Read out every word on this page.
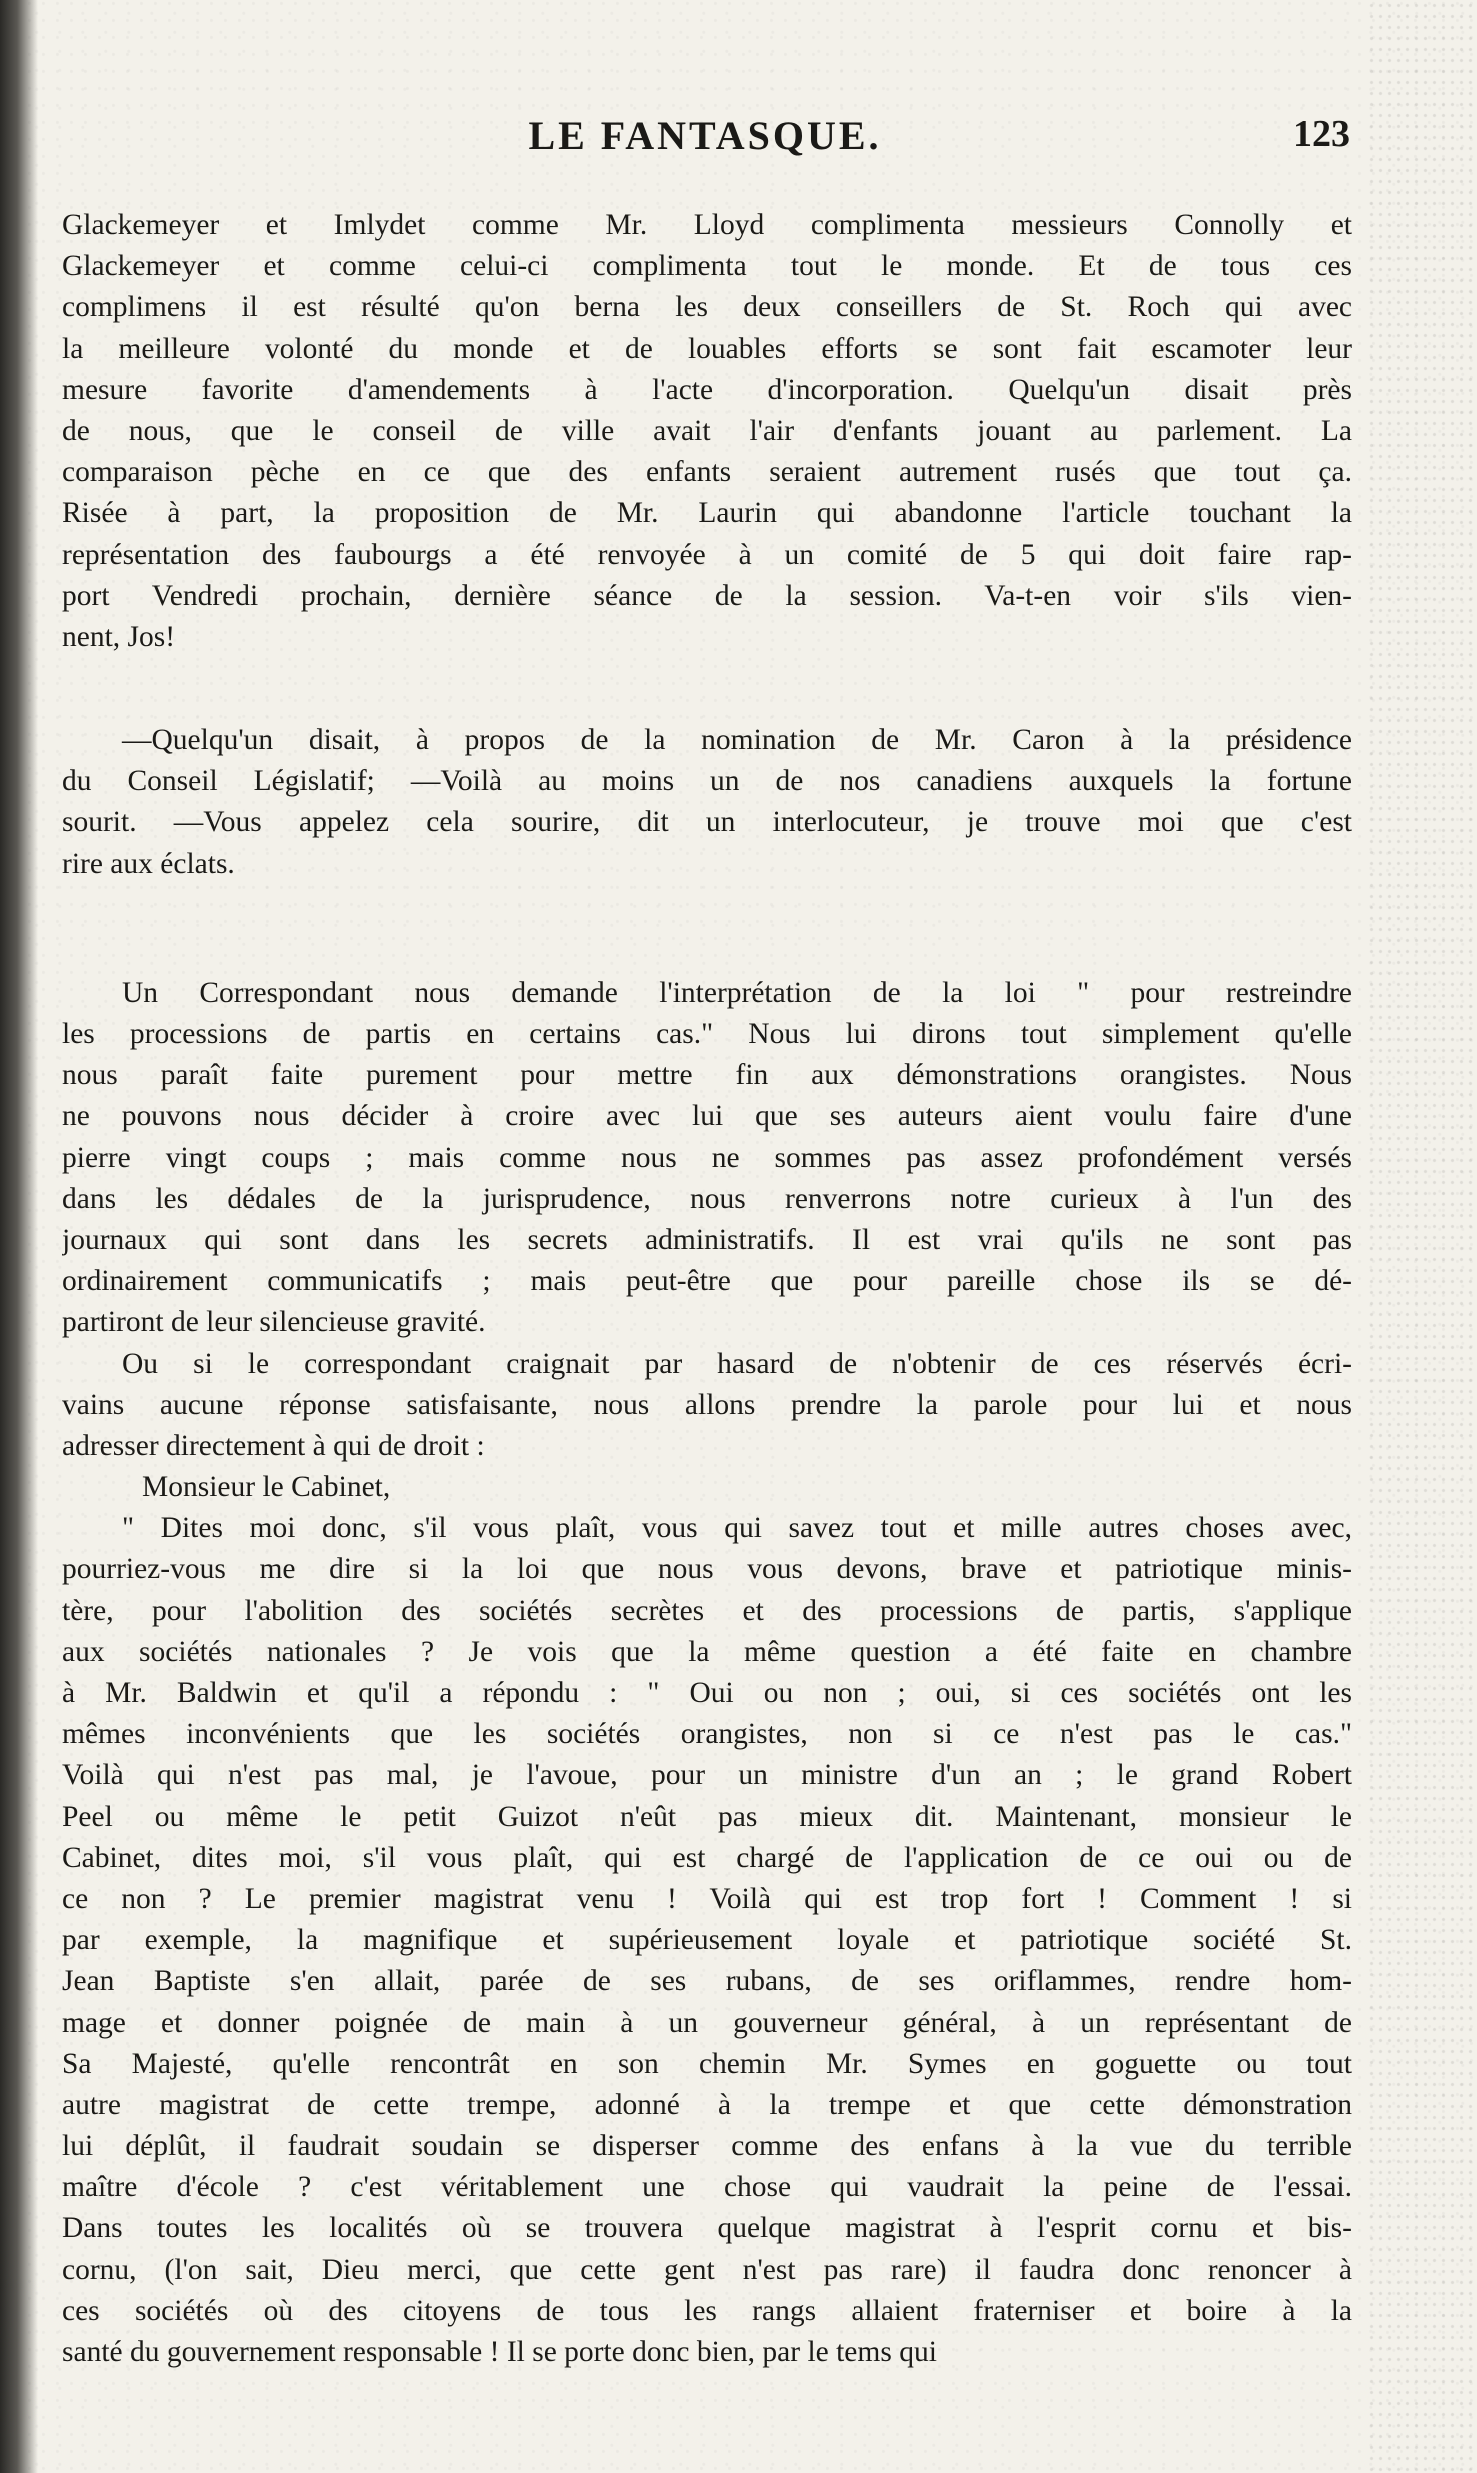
LE FANTASQUE.	123
Glackemeyer et Imlydet comme Mr. Lloyd complimenta messieurs Connolly et
Glackemeyer et comme celui-ci complimenta tout le monde. Et de tous ces
complimens il est résulté qu'on berna les deux conseillers de St. Roch qui avec
la meilleure volonté du monde et de louables efforts se sont fait escamoter leur
mesure favorite d'amendements à l'acte d'incorporation. Quelqu'un disait près
de nous, que le conseil de ville avait l'air d'enfants jouant au parlement. La
comparaison pèche en ce que des enfants seraient autrement rusés que tout ça.
Risée à part, la proposition de Mr. Laurin qui abandonne l'article touchant la
représentation des faubourgs a été renvoyée à un comité de 5 qui doit faire rap-
port Vendredi prochain, dernière séance de la session. Va-t-en voir s'ils vien-
nent, Jos!
—Quelqu'un disait, à propos de la nomination de Mr. Caron à la présidence
du Conseil Législatif; —Voilà au moins un de nos canadiens auxquels la fortune
sourit. —Vous appelez cela sourire, dit un interlocuteur, je trouve moi que c'est
rire aux éclats.
Un Correspondant nous demande l'interprétation de la loi " pour restreindre
les processions de partis en certains cas." Nous lui dirons tout simplement qu'elle
nous paraît faite purement pour mettre fin aux démonstrations orangistes. Nous
ne pouvons nous décider à croire avec lui que ses auteurs aient voulu faire d'une
pierre vingt coups ; mais comme nous ne sommes pas assez profondément versés
dans les dédales de la jurisprudence, nous renverrons notre curieux à l'un des
journaux qui sont dans les secrets administratifs. Il est vrai qu'ils ne sont pas
ordinairement communicatifs ; mais peut-être que pour pareille chose ils se dé-
partiront de leur silencieuse gravité.
Ou si le correspondant craignait par hasard de n'obtenir de ces réservés écri-
vains aucune réponse satisfaisante, nous allons prendre la parole pour lui et nous
adresser directement à qui de droit :
Monsieur le Cabinet,
" Dites moi donc, s'il vous plaît, vous qui savez tout et mille autres choses avec,
pourriez-vous me dire si la loi que nous vous devons, brave et patriotique minis-
tère, pour l'abolition des sociétés secrètes et des processions de partis, s'applique
aux sociétés nationales ? Je vois que la même question a été faite en chambre
à Mr. Baldwin et qu'il a répondu : " Oui ou non ; oui, si ces sociétés ont les
mêmes inconvénients que les sociétés orangistes, non si ce n'est pas le cas."
Voilà qui n'est pas mal, je l'avoue, pour un ministre d'un an ; le grand Robert
Peel ou même le petit Guizot n'eût pas mieux dit. Maintenant, monsieur le
Cabinet, dites moi, s'il vous plaît, qui est chargé de l'application de ce oui ou de
ce non ? Le premier magistrat venu ! Voilà qui est trop fort ! Comment ! si
par exemple, la magnifique et supérieusement loyale et patriotique société St.
Jean Baptiste s'en allait, parée de ses rubans, de ses oriflammes, rendre hom-
mage et donner poignée de main à un gouverneur général, à un représentant de
Sa Majesté, qu'elle rencontrât en son chemin Mr. Symes en goguette ou tout
autre magistrat de cette trempe, adonné à la trempe et que cette démonstration
lui déplût, il faudrait soudain se disperser comme des enfans à la vue du terrible
maître d'école ? c'est véritablement une chose qui vaudrait la peine de l'essai.
Dans toutes les localités où se trouvera quelque magistrat à l'esprit cornu et bis-
cornu, (l'on sait, Dieu merci, que cette gent n'est pas rare) il faudra donc renoncer à
ces sociétés où des citoyens de tous les rangs allaient fraterniser et boire à la
santé du gouvernement responsable ! Il se porte donc bien, par le tems qui
